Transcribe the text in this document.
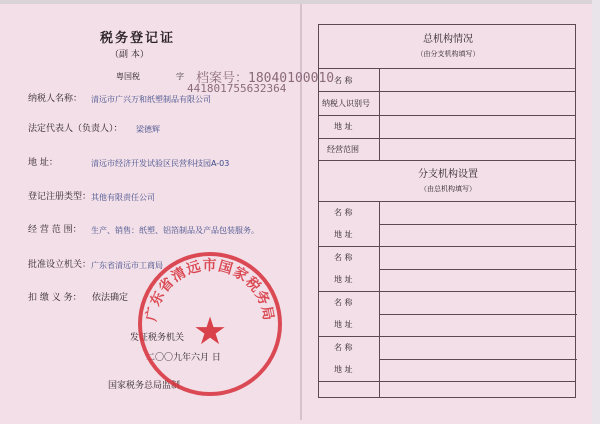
税务登记证
（副 本）
粤国税	字 档案号：18040100010
441801755632364
纳税人名称： 清远市广兴万和纸塑制品有限公司
法定代表人（负责人）： 梁德辉
地 址：	清远市经济开发试验区民营科技园A-03
登记注册类型： 其他有限责任公司
经 营 范 围： 生产、销售：纸塑、铝箔制品及产品包装服务。
批准设立机关： 广东省清远市工商局
扣 缴 义 务： 依法确定
发证税务机关
二〇〇九年六月 日
国家税务总局监制
广东省清远市国家税务局
★
总机构情况
（由分支机构填写）
名 称
纳税人识别号
地 址
经营范围
分支机构设置
（由总机构填写）
名 称
地 址
名 称
地 址
名 称
地 址
名 称
地 址
